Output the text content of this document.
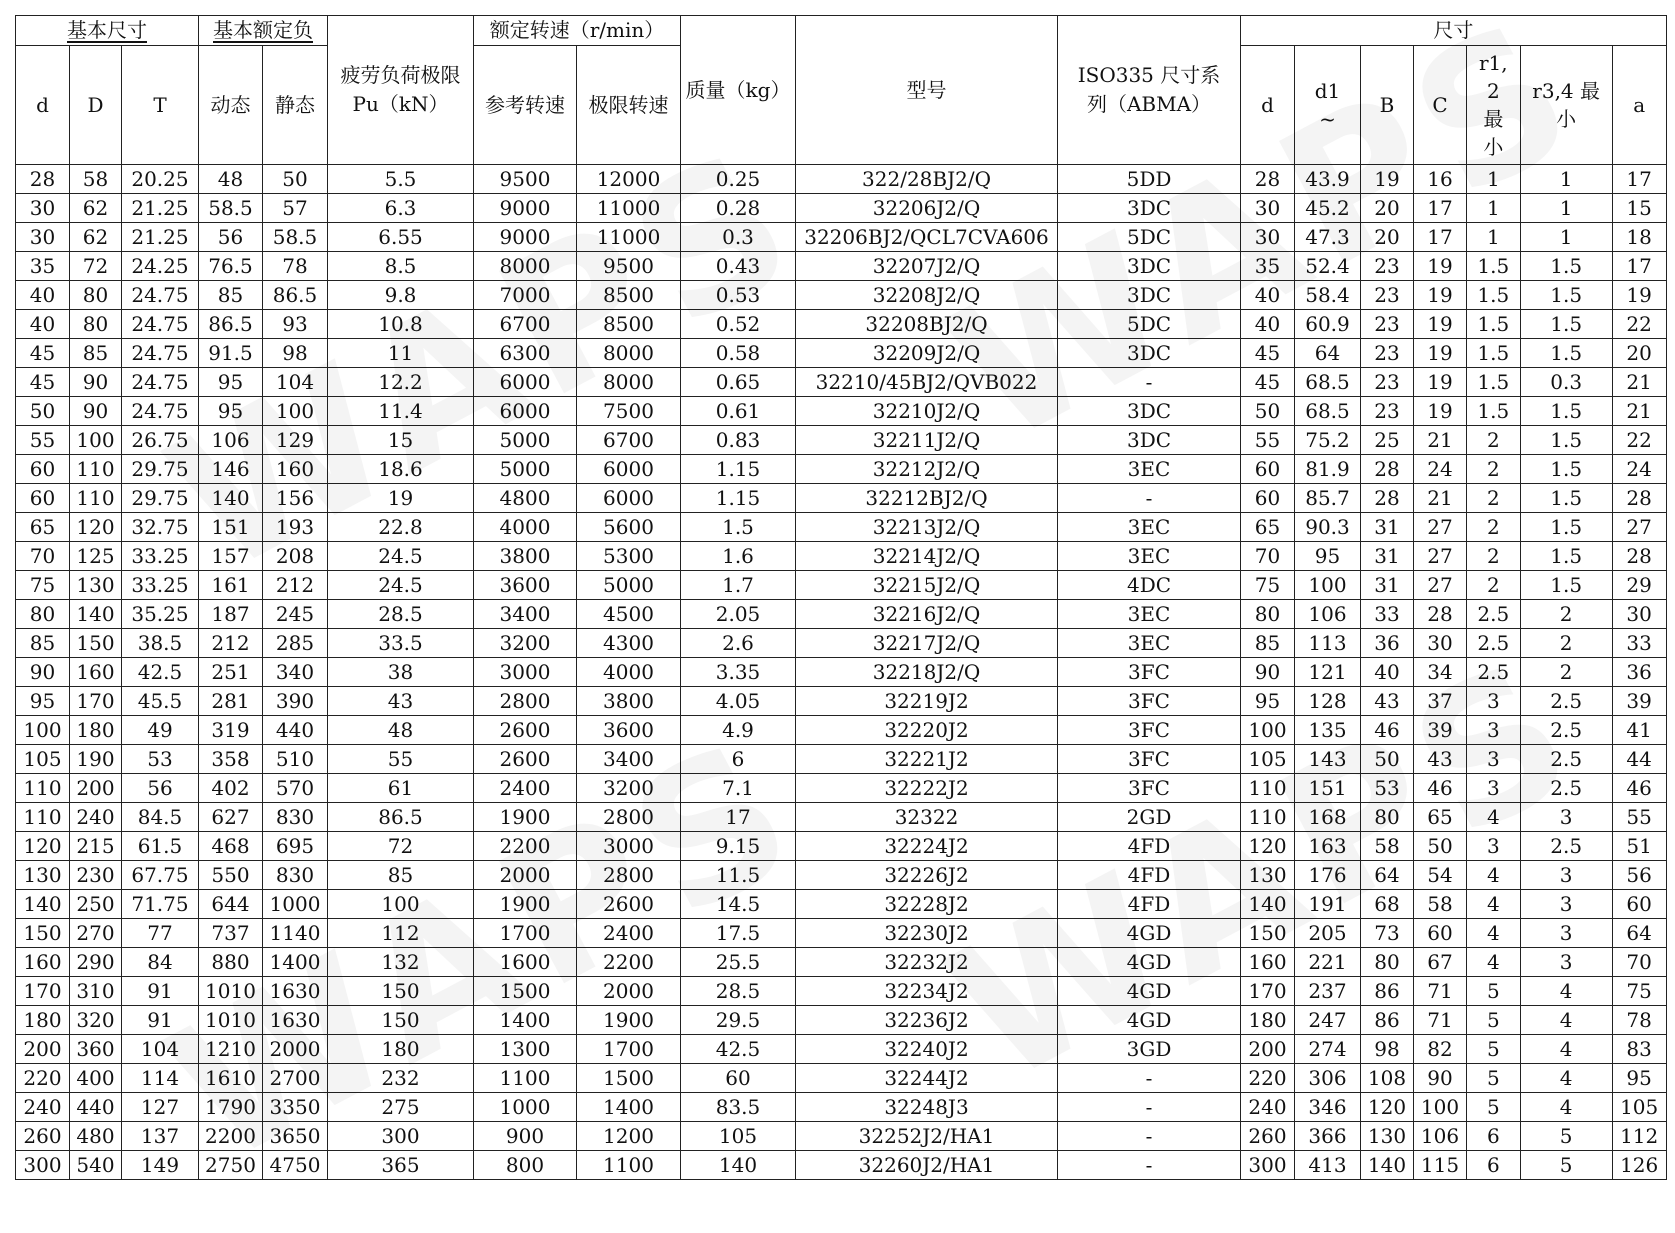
基本尺寸			基本额定负		疲劳负荷极限 Pu（kN）	额定转速（r/min）		质量（kg）	型号	ISO335 尺寸系列（ABMA）	尺寸						
d	D	T	动态	静态		参考转速	极限转速				d	d1 ~	B	C	r1, 2 最小	r3,4 最小	a
28	58	20.25	48	50	5.5	9500	12000	0.25	322/28BJ2/Q	5DD	28	43.9	19	16	1	1	17
30	62	21.25	58.5	57	6.3	9000	11000	0.28	32206J2/Q	3DC	30	45.2	20	17	1	1	15
30	62	21.25	56	58.5	6.55	9000	11000	0.3	32206BJ2/QCL7CVA606	5DC	30	47.3	20	17	1	1	18
35	72	24.25	76.5	78	8.5	8000	9500	0.43	32207J2/Q	3DC	35	52.4	23	19	1.5	1.5	17
40	80	24.75	85	86.5	9.8	7000	8500	0.53	32208J2/Q	3DC	40	58.4	23	19	1.5	1.5	19
40	80	24.75	86.5	93	10.8	6700	8500	0.52	32208BJ2/Q	5DC	40	60.9	23	19	1.5	1.5	22
45	85	24.75	91.5	98	11	6300	8000	0.58	32209J2/Q	3DC	45	64	23	19	1.5	1.5	20
45	90	24.75	95	104	12.2	6000	8000	0.65	32210/45BJ2/QVB022	-	45	68.5	23	19	1.5	0.3	21
50	90	24.75	95	100	11.4	6000	7500	0.61	32210J2/Q	3DC	50	68.5	23	19	1.5	1.5	21
55	100	26.75	106	129	15	5000	6700	0.83	32211J2/Q	3DC	55	75.2	25	21	2	1.5	22
60	110	29.75	146	160	18.6	5000	6000	1.15	32212J2/Q	3EC	60	81.9	28	24	2	1.5	24
60	110	29.75	140	156	19	4800	6000	1.15	32212BJ2/Q	-	60	85.7	28	21	2	1.5	28
65	120	32.75	151	193	22.8	4000	5600	1.5	32213J2/Q	3EC	65	90.3	31	27	2	1.5	27
70	125	33.25	157	208	24.5	3800	5300	1.6	32214J2/Q	3EC	70	95	31	27	2	1.5	28
75	130	33.25	161	212	24.5	3600	5000	1.7	32215J2/Q	4DC	75	100	31	27	2	1.5	29
80	140	35.25	187	245	28.5	3400	4500	2.05	32216J2/Q	3EC	80	106	33	28	2.5	2	30
85	150	38.5	212	285	33.5	3200	4300	2.6	32217J2/Q	3EC	85	113	36	30	2.5	2	33
90	160	42.5	251	340	38	3000	4000	3.35	32218J2/Q	3FC	90	121	40	34	2.5	2	36
95	170	45.5	281	390	43	2800	3800	4.05	32219J2	3FC	95	128	43	37	3	2.5	39
100	180	49	319	440	48	2600	3600	4.9	32220J2	3FC	100	135	46	39	3	2.5	41
105	190	53	358	510	55	2600	3400	6	32221J2	3FC	105	143	50	43	3	2.5	44
110	200	56	402	570	61	2400	3200	7.1	32222J2	3FC	110	151	53	46	3	2.5	46
110	240	84.5	627	830	86.5	1900	2800	17	32322	2GD	110	168	80	65	4	3	55
120	215	61.5	468	695	72	2200	3000	9.15	32224J2	4FD	120	163	58	50	3	2.5	51
130	230	67.75	550	830	85	2000	2800	11.5	32226J2	4FD	130	176	64	54	4	3	56
140	250	71.75	644	1000	100	1900	2600	14.5	32228J2	4FD	140	191	68	58	4	3	60
150	270	77	737	1140	112	1700	2400	17.5	32230J2	4GD	150	205	73	60	4	3	64
160	290	84	880	1400	132	1600	2200	25.5	32232J2	4GD	160	221	80	67	4	3	70
170	310	91	1010	1630	150	1500	2000	28.5	32234J2	4GD	170	237	86	71	5	4	75
180	320	91	1010	1630	150	1400	1900	29.5	32236J2	4GD	180	247	86	71	5	4	78
200	360	104	1210	2000	180	1300	1700	42.5	32240J2	3GD	200	274	98	82	5	4	83
220	400	114	1610	2700	232	1100	1500	60	32244J2	-	220	306	108	90	5	4	95
240	440	127	1790	3350	275	1000	1400	83.5	32248J3	-	240	346	120	100	5	4	105
260	480	137	2200	3650	300	900	1200	105	32252J2/HA1	-	260	366	130	106	6	5	112
300	540	149	2750	4750	365	800	1100	140	32260J2/HA1	-	300	413	140	115	6	5	126
